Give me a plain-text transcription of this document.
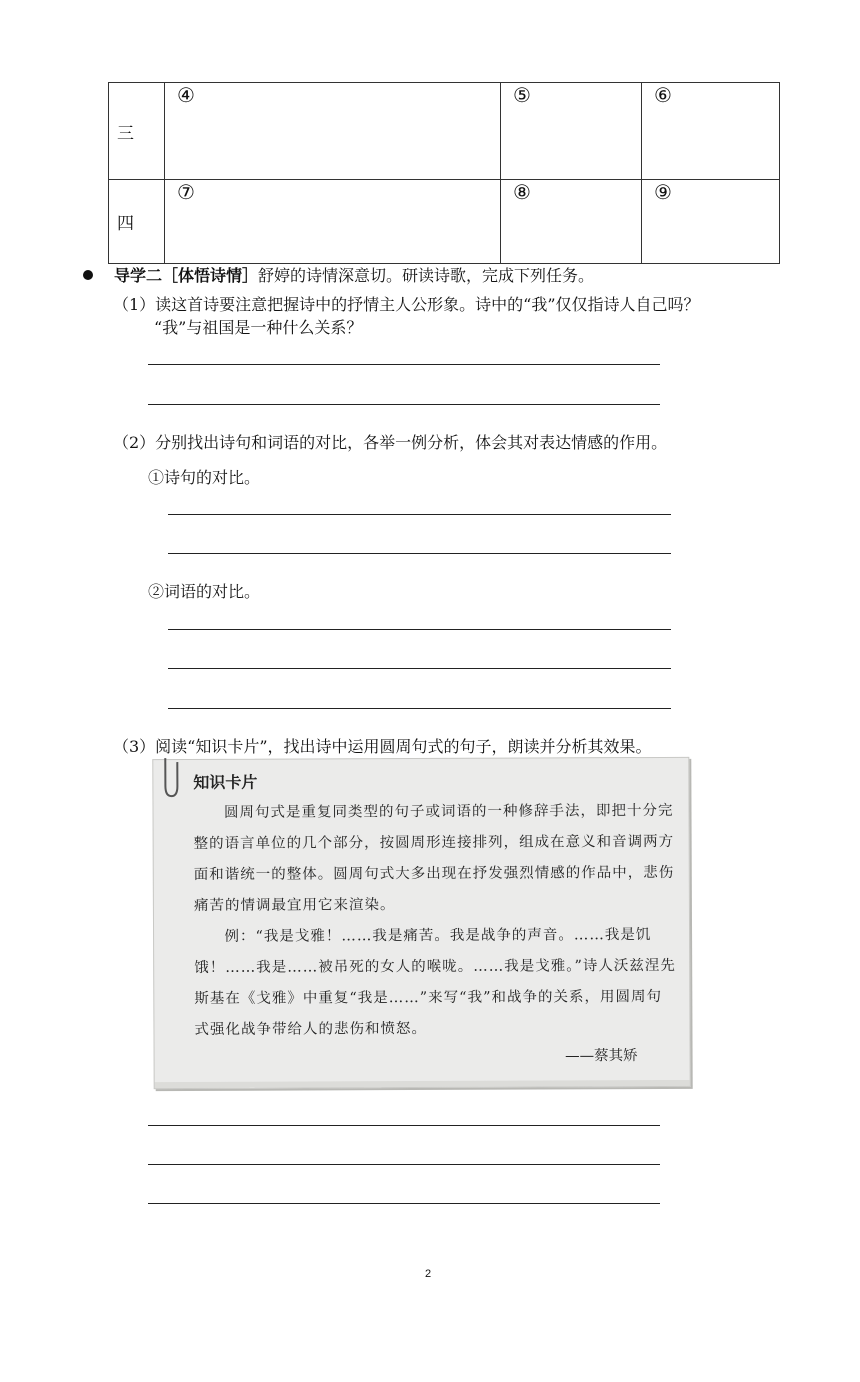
三	④	⑤	⑥
四	⑦	⑧	⑨
导学二［体悟诗情］舒婷的诗情深意切。研读诗歌，完成下列任务。
（1）读这首诗要注意把握诗中的抒情主人公形象。诗中的“我”仅仅指诗人自己吗？
“我”与祖国是一种什么关系？
（2）分别找出诗句和词语的对比，各举一例分析，体会其对表达情感的作用。
①诗句的对比。
②词语的对比。
（3）阅读“知识卡片”，找出诗中运用圆周句式的句子，朗读并分析其效果。
知识卡片

圆周句式是重复同类型的句子或词语的一种修辞手法，即把十分完整的语言单位的几个部分，按圆周形连接排列，组成在意义和音调两方面和谐统一的整体。圆周句式大多出现在抒发强烈情感的作品中，悲伤痛苦的情调最宜用它来渲染。

例：“我是戈雅！……我是痛苦。我是战争的声音。……我是饥饿！……我是……被吊死的女人的喉咙。……我是戈雅。”诗人沃兹涅先斯基在《戈雅》中重复“我是……”来写“我”和战争的关系，用圆周句式强化战争带给人的悲伤和愤怒。

——蔡其矫
2
